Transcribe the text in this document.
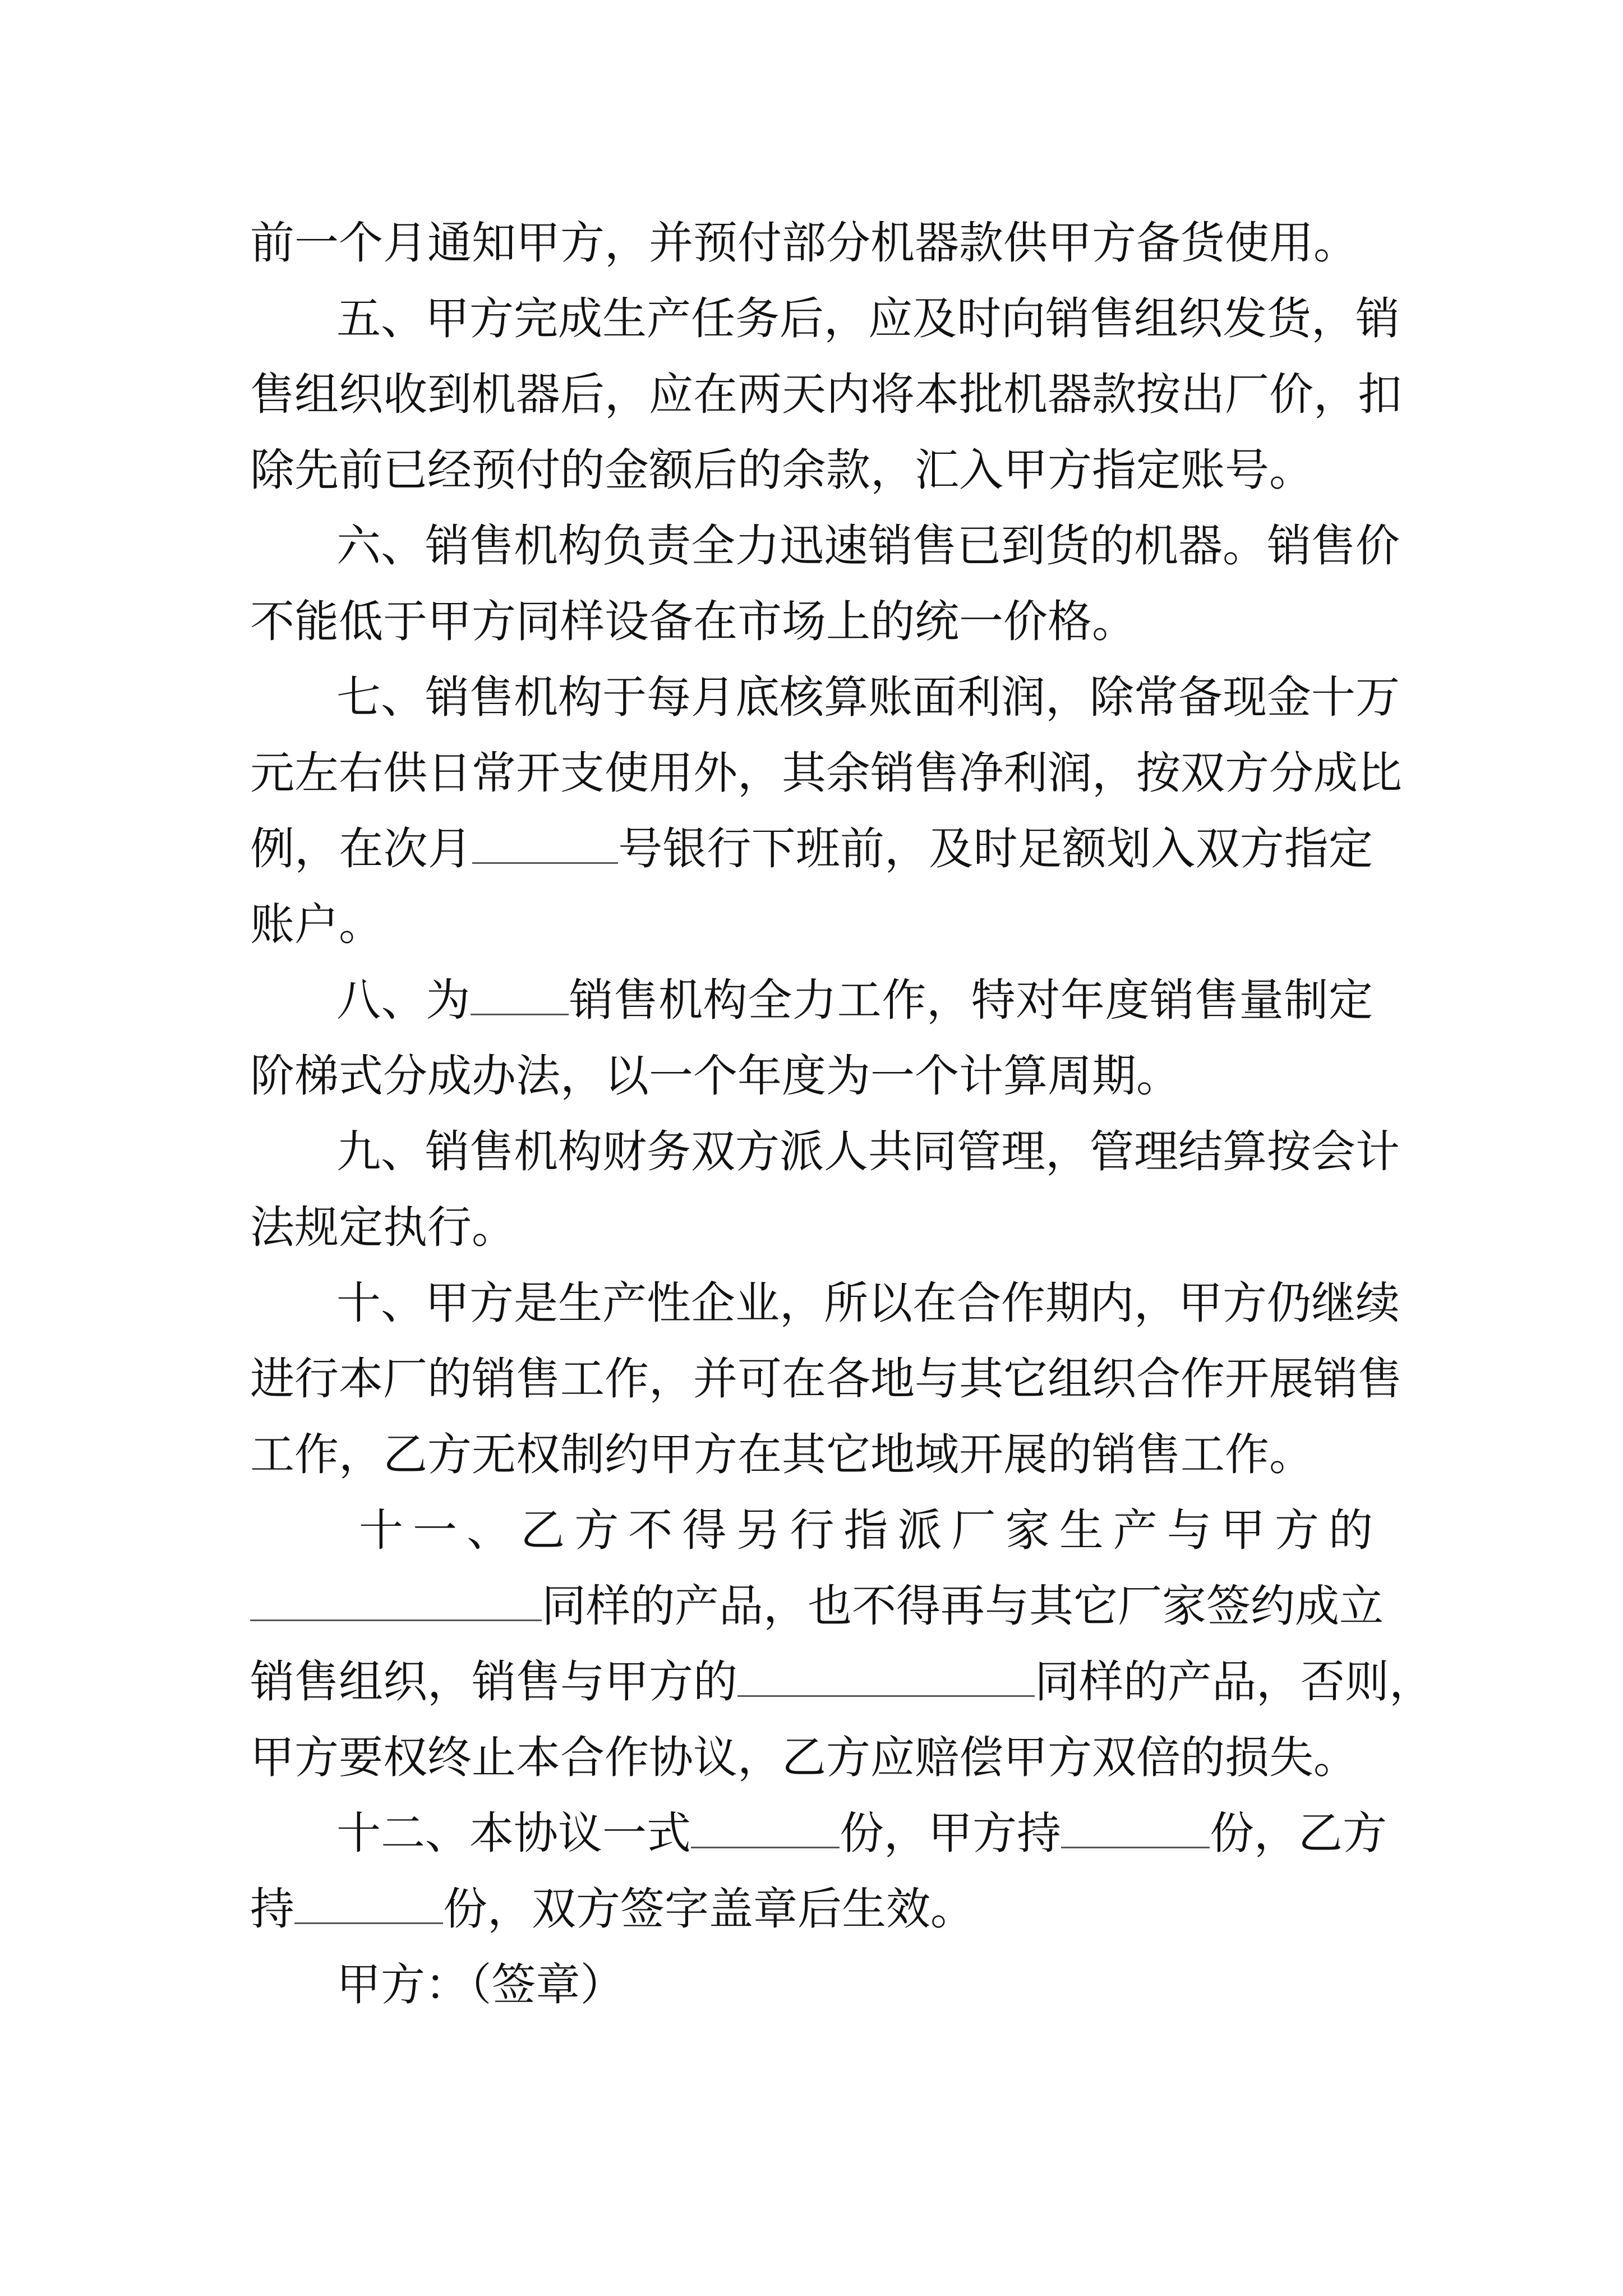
前一个月通知甲方，并预付部分机器款供甲方备货使用。
五、甲方完成生产任务后，应及时向销售组织发货，销
售组织收到机器后，应在两天内将本批机器款按出厂价，扣
除先前已经预付的金额后的余款，汇入甲方指定账号。
六、销售机构负责全力迅速销售已到货的机器。销售价
不能低于甲方同样设备在市场上的统一价格。
七、销售机构于每月底核算账面利润，除常备现金十万
元左右供日常开支使用外，其余销售净利润，按双方分成比
例，在次月	号银行下班前，及时足额划入双方指定
账户。
八、为 销售机构全力工作，特对年度销售量制定
阶梯式分成办法，以一个年度为一个计算周期。
九、销售机构财务双方派人共同管理，管理结算按会计
法规定执行。
十、甲方是生产性企业，所以在合作期内，甲方仍继续
进行本厂的销售工作，并可在各地与其它组织合作开展销售
工作，乙方无权制约甲方在其它地域开展的销售工作。
十一、乙方不得另行指派厂家生产与甲方的
同样的产品，也不得再与其它厂家签约成立
销售组织，销售与甲方的	同样的产品，否则，
甲方要权终止本合作协议，乙方应赔偿甲方双倍的损失。
十二、本协议一式	份，甲方持	份，乙方
持	份，双方签字盖章后生效。
甲方：（签章）
